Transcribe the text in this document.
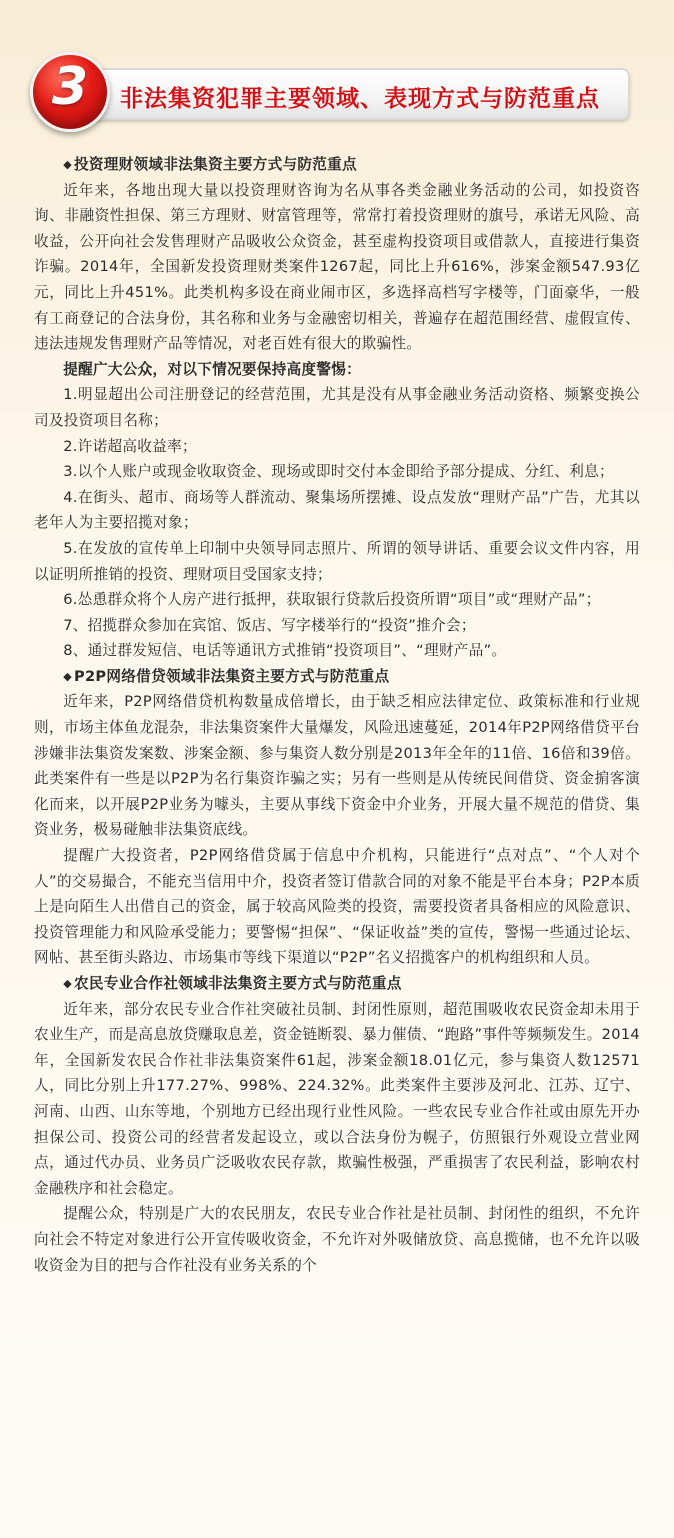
非法集资犯罪主要领域、表现方式与防范重点
3

◆ 投资理财领域非法集资主要方式与防范重点

近年来，各地出现大量以投资理财咨询为名从事各类金融业务活动的公司，如投资咨询、非融资性担保、第三方理财、财富管理等，常常打着投资理财的旗号，承诺无风险、高收益，公开向社会发售理财产品吸收公众资金，甚至虚构投资项目或借款人，直接进行集资诈骗。2014年，全国新发投资理财类案件1267起，同比上升616%，涉案金额547.93亿元，同比上升451%。此类机构多设在商业闹市区，多选择高档写字楼等，门面豪华，一般有工商登记的合法身份，其名称和业务与金融密切相关，普遍存在超范围经营、虚假宣传、违法违规发售理财产品等情况，对老百姓有很大的欺骗性。

提醒广大公众，对以下情况要保持高度警惕：

1.明显超出公司注册登记的经营范围，尤其是没有从事金融业务活动资格、频繁变换公司及投资项目名称；

2.许诺超高收益率；

3.以个人账户或现金收取资金、现场或即时交付本金即给予部分提成、分红、利息；

4.在街头、超市、商场等人群流动、聚集场所摆摊、设点发放“理财产品”广告，尤其以老年人为主要招揽对象；

5.在发放的宣传单上印制中央领导同志照片、所谓的领导讲话、重要会议文件内容，用以证明所推销的投资、理财项目受国家支持；

6.怂恿群众将个人房产进行抵押，获取银行贷款后投资所谓“项目”或“理财产品”；

7、招揽群众参加在宾馆、饭店、写字楼举行的“投资”推介会；

8、通过群发短信、电话等通讯方式推销“投资项目”、“理财产品”。

◆ P2P网络借贷领域非法集资主要方式与防范重点

近年来，P2P网络借贷机构数量成倍增长，由于缺乏相应法律定位、政策标准和行业规则，市场主体鱼龙混杂，非法集资案件大量爆发，风险迅速蔓延，2014年P2P网络借贷平台涉嫌非法集资发案数、涉案金额、参与集资人数分别是2013年全年的11倍、16倍和39倍。此类案件有一些是以P2P为名行集资诈骗之实；另有一些则是从传统民间借贷、资金掮客演化而来，以开展P2P业务为噱头，主要从事线下资金中介业务，开展大量不规范的借贷、集资业务，极易碰触非法集资底线。

提醒广大投资者，P2P网络借贷属于信息中介机构，只能进行“点对点”、“个人对个人”的交易撮合，不能充当信用中介，投资者签订借款合同的对象不能是平台本身；P2P本质上是向陌生人出借自己的资金，属于较高风险类的投资，需要投资者具备相应的风险意识、投资管理能力和风险承受能力；要警惕“担保”、“保证收益”类的宣传，警惕一些通过论坛、网帖、甚至街头路边、市场集市等线下渠道以“P2P”名义招揽客户的机构组织和人员。

◆ 农民专业合作社领域非法集资主要方式与防范重点

近年来，部分农民专业合作社突破社员制、封闭性原则，超范围吸收农民资金却未用于农业生产，而是高息放贷赚取息差，资金链断裂、暴力催债、“跑路”事件等频频发生。2014年，全国新发农民合作社非法集资案件61起，涉案金额18.01亿元，参与集资人数12571人，同比分别上升177.27%、998%、224.32%。此类案件主要涉及河北、江苏、辽宁、河南、山西、山东等地，个别地方已经出现行业性风险。一些农民专业合作社或由原先开办担保公司、投资公司的经营者发起设立，或以合法身份为幌子，仿照银行外观设立营业网点，通过代办员、业务员广泛吸收农民存款，欺骗性极强，严重损害了农民利益，影响农村金融秩序和社会稳定。

提醒公众，特别是广大的农民朋友，农民专业合作社是社员制、封闭性的组织，不允许向社会不特定对象进行公开宣传吸收资金，不允许对外吸储放贷、高息揽储，也不允许以吸收资金为目的把与合作社没有业务关系的个
